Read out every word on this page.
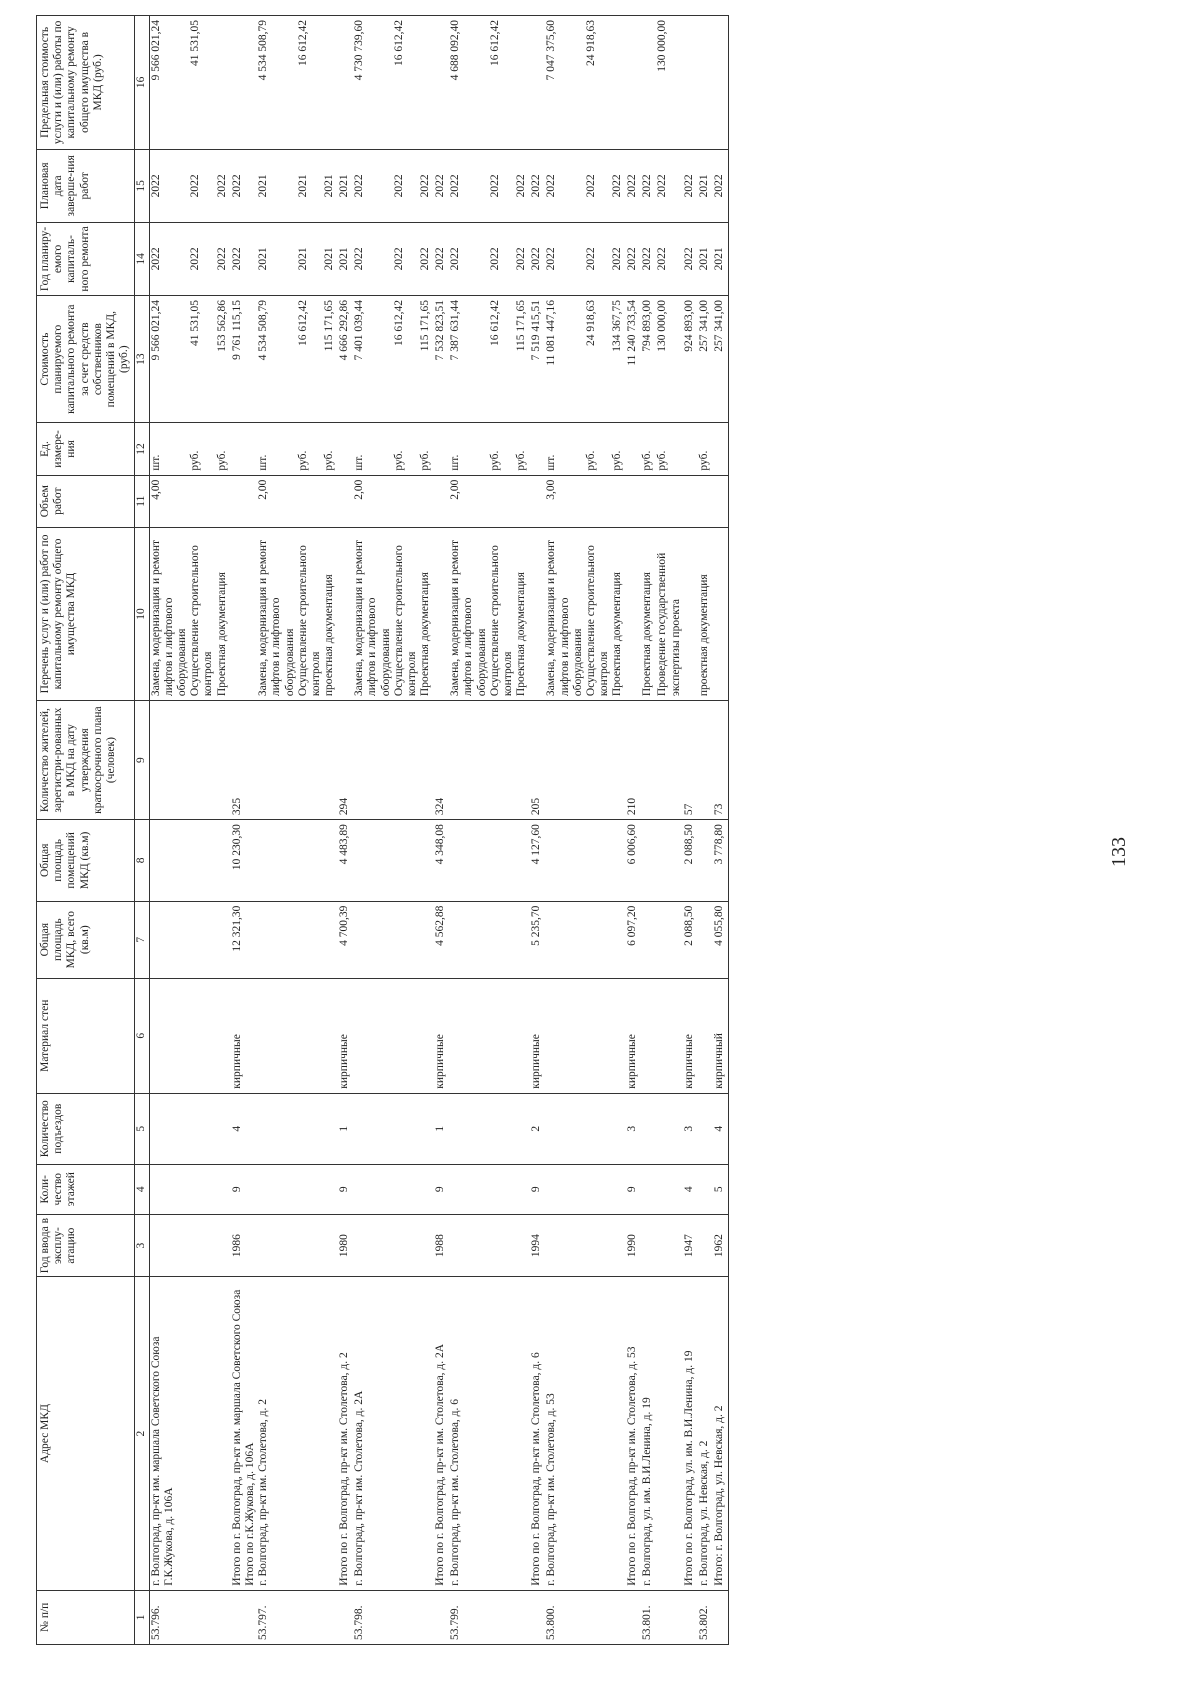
133
№ п/п	Адрес МКД	Год ввода в эксплу-атацию	Коли-чество этажей	Количество подъездов	Материал стен	Общая площадь МКД, всего (кв.м)	Общая площадь помещений МКД (кв.м)	Количество жителей, зарегистри-рованных в МКД на дату утверждения краткосрочного плана (человек)	Перечень услуг и (или) работ по капитальному ремонту общего имущества МКД	Объем работ	Ед. измере-ния	Стоимость планируемого капитального ремонта за счет средств собственников помещений в МКД, (руб.)	Год планиру-емого капиталь-ного ремонта	Плановая дата заверше-ния работ	Предельная стоимость услуги и (или) работы по капитальному ремонту общего имущества в МКД (руб.)
1	2	3	4	5	6	7	8	9	10	11	12	13	14	15	16
53.796.	г. Волгоград, пр-кт им. маршала Советского Союза Г.К.Жукова, д. 106А								Замена, модернизация и ремонт лифтов и лифтового оборудования	4,00	шт.	9 566 021,24	2022	2022	9 566 021,24
									Осуществление строительного контроля		руб.	41 531,05	2022	2022	41 531,05
									Проектная документация		руб.	153 562,86	2022	2022	
	Итого по г. Волгоград, пр-кт им. маршала Советского Союза Итого по г.К.Жукова, д. 106А	1986	9	4	кирпичные	12 321,30	10 230,30	325				9 761 115,15	2022	2022	
53.797.	г. Волгоград, пр-кт им. Столетова, д. 2								Замена, модернизация и ремонт лифтов и лифтового оборудования	2,00	шт.	4 534 508,79	2021	2021	4 534 508,79
									Осуществление строительного контроля		руб.	16 612,42	2021	2021	16 612,42
									проектная документация		руб.	115 171,65	2021	2021	
	Итого по г. Волгоград, пр-кт им. Столетова, д. 2	1980	9	1	кирпичные	4 700,39	4 483,89	294				4 666 292,86	2021	2021	
53.798.	г. Волгоград, пр-кт им. Столетова, д. 2А								Замена, модернизация и ремонт лифтов и лифтового оборудования	2,00	шт.	7 401 039,44	2022	2022	4 730 739,60
									Осуществление строительного контроля		руб.	16 612,42	2022	2022	16 612,42
									Проектная документация		руб.	115 171,65	2022	2022	
	Итого по г. Волгоград, пр-кт им. Столетова, д. 2А	1988	9	1	кирпичные	4 562,88	4 348,08	324				7 532 823,51	2022	2022	
53.799.	г. Волгоград, пр-кт им. Столетова, д. 6								Замена, модернизация и ремонт лифтов и лифтового оборудования	2,00	шт.	7 387 631,44	2022	2022	4 688 092,40
									Осуществление строительного контроля		руб.	16 612,42	2022	2022	16 612,42
									Проектная документация		руб.	115 171,65	2022	2022	
	Итого по г. Волгоград, пр-кт им. Столетова, д. 6	1994	9	2	кирпичные	5 235,70	4 127,60	205				7 519 415,51	2022	2022	
53.800.	г. Волгоград, пр-кт им. Столетова, д. 53								Замена, модернизация и ремонт лифтов и лифтового оборудования	3,00	шт.	11 081 447,16	2022	2022	7 047 375,60
									Осуществление строительного контроля		руб.	24 918,63	2022	2022	24 918,63
									Проектная документация		руб.	134 367,75	2022	2022	
	Итого по г. Волгоград, пр-кт им. Столетова, д. 53	1990	9	3	кирпичные	6 097,20	6 006,60	210				11 240 733,54	2022	2022	
53.801.	г. Волгоград, ул. им. В.И.Ленина, д. 19								Проектная документация		руб.	794 893,00	2022	2022	
									Проведение государственной экспертизы проекта		руб.	130 000,00	2022	2022	130 000,00
	Итого по г. Волгоград, ул. им. В.И.Ленина, д. 19	1947	4	3	кирпичные	2 088,50	2 088,50	57				924 893,00	2022	2022	
53.802.	г. Волгоград, ул. Невская, д. 2								проектная документация		руб.	257 341,00	2021	2021	
	Итого: г. Волгоград, ул. Невская, д. 2	1962	5	4	кирпичный	4 055,80	3 778,80	73				257 341,00	2021	2022	
